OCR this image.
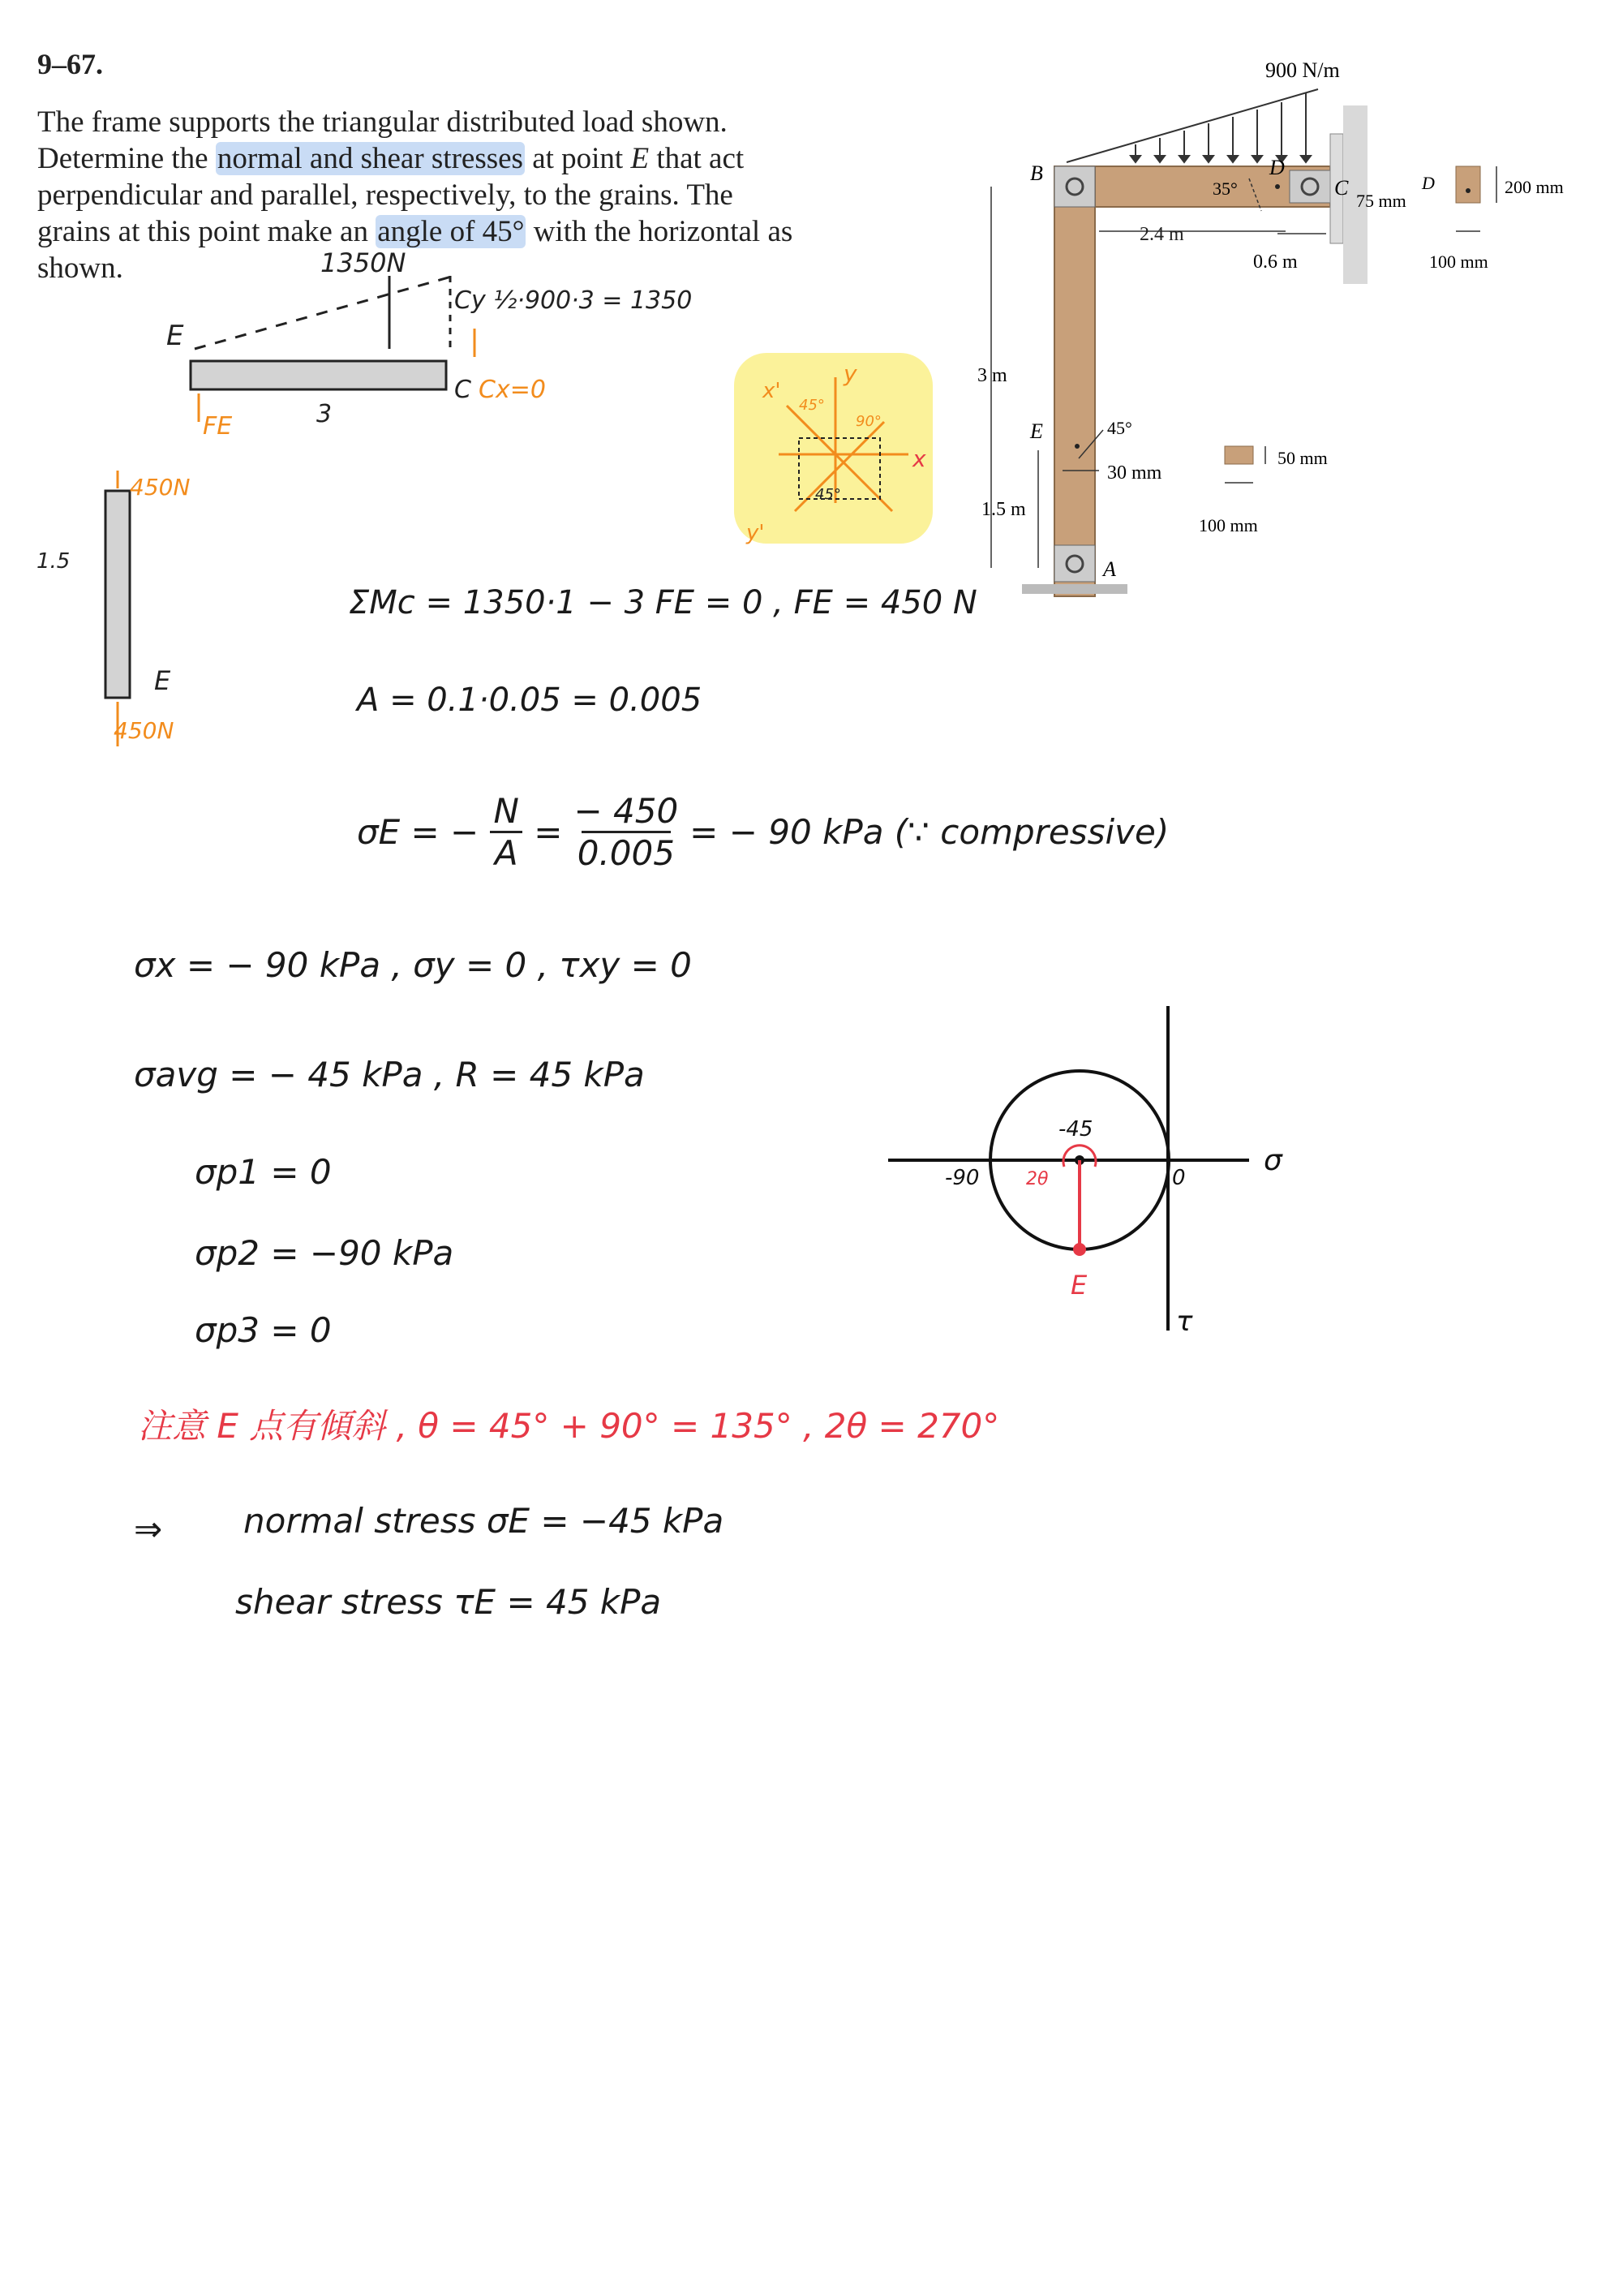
9–67.
The frame supports the triangular distributed load shown. Determine the normal and shear stresses at point E that act perpendicular and parallel, respectively, to the grains. The grains at this point make an angle of 45° with the horizontal as shown.
900 N/m
B
A
C
D
35°
E	45°
2.4 m
0.6 m
3 m
1.5 m
30 mm
D
75 mm
200 mm
100 mm
50 mm
100 mm
1350N
Cy ½·900·3 = 1350
Cx=0
C
E
FE	3
450N
450N
1.5
E
x'
y
x
y'
45°
90°
45°
ΣMc = 1350·1 − 3 FE = 0 , FE = 450 N
A = 0.1·0.05 = 0.005
σE = −
N
A
=
− 450
0.005
= − 90 kPa (∵ compressive)
σx = − 90 kPa , σy = 0 , τxy = 0
σavg = − 45 kPa , R = 45 kPa
σp1 = 0
σp2 = −90 kPa
σp3 = 0
注意 E 点有傾斜 , θ = 45° + 90° = 135° , 2θ = 270°
⇒ normal stress σE = −45 kPa
shear stress τE = 45 kPa
-90
-45
0
σ
τ
E
2θ
